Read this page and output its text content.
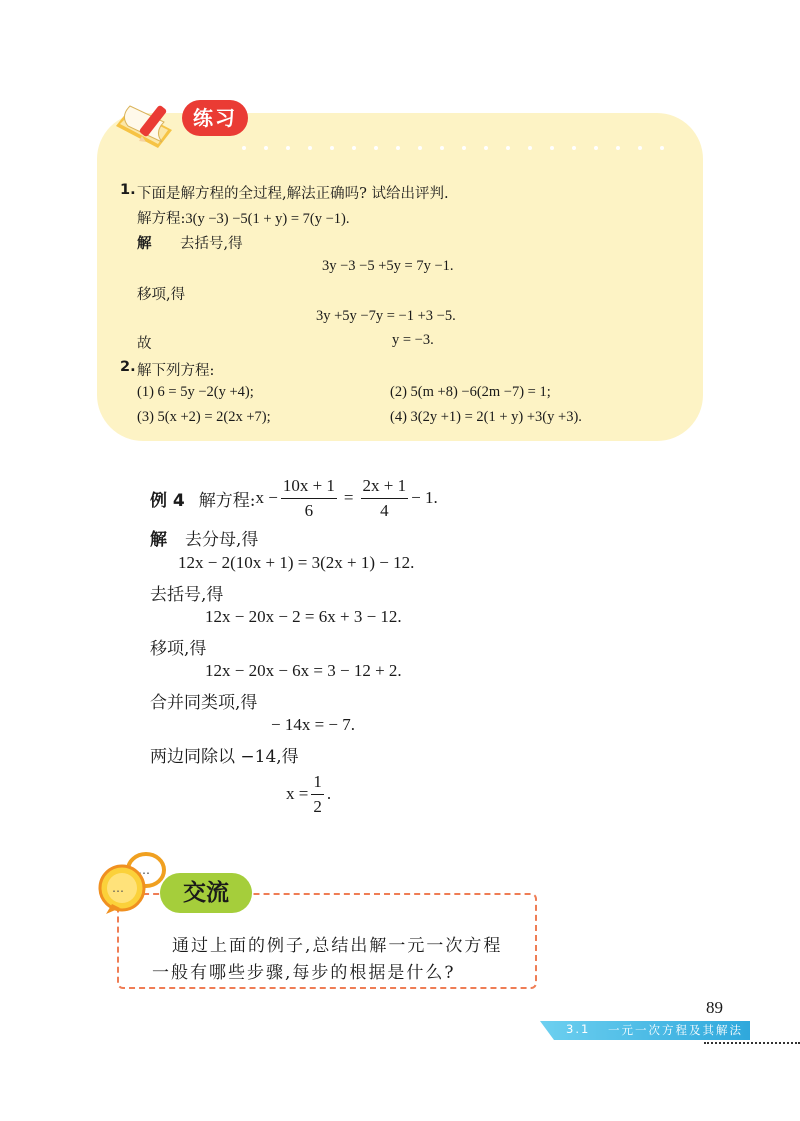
练习
1. 下面是解方程的全过程,解法正确吗? 试给出评判.
解方程:3(y −3) −5(1 + y) = 7(y −1).
解 去括号,得
3y −3 −5 +5y = 7y −1.
移项,得
3y +5y −7y = −1 +3 −5.
故	y = −3.
2. 解下列方程:
(1) 6 = 5y −2(y +4);	(2) 5(m +8) −6(2m −7) = 1;
(3) 5(x +2) = 2(2x +7);	(4) 3(2y +1) = 2(1 + y) +3(y +3).
例 4 解方程: $x - \frac{10x + 1}{6} = \frac{2x + 1}{4} - 1$.
解 去分母,得
12x − 2(10x + 1) = 3(2x + 1) − 12.
去括号,得
12x − 20x − 2 = 6x + 3 − 12.
移项,得
12x − 20x − 6x = 3 − 12 + 2.
合并同类项,得
− 14x = − 7.
两边同除以 −14,得
$x = \frac{1}{2}$ .
交流
…
…
通过上面的例子,总结出解一元一次方程
一般有哪些步骤,每步的根据是什么?
89
3.1 一元一次方程及其解法
